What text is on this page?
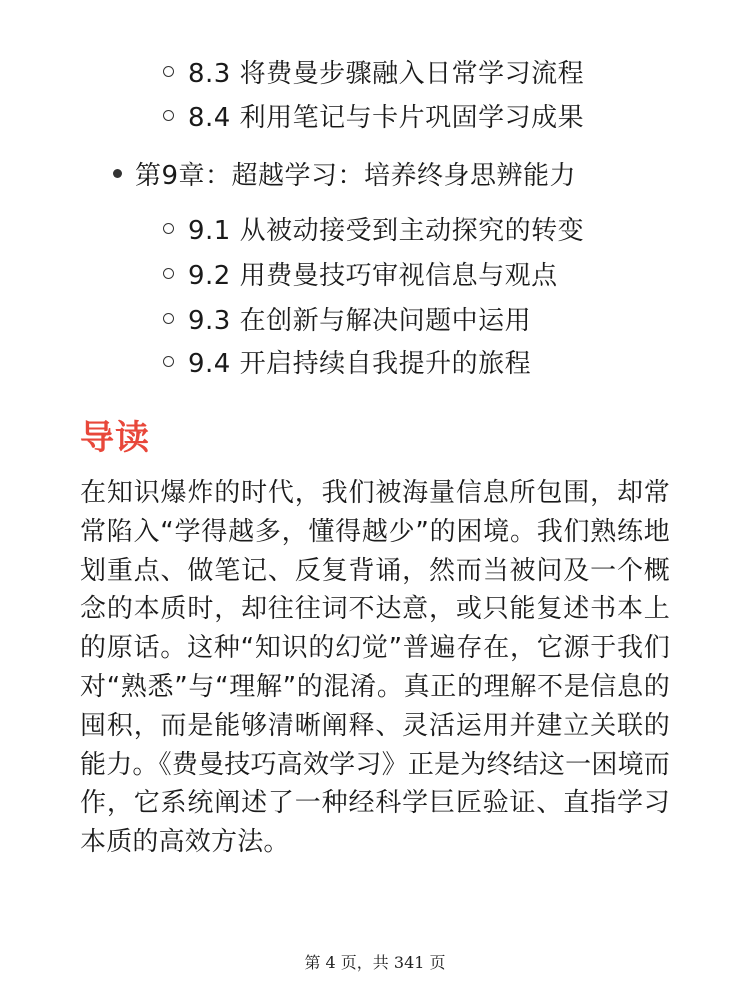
8.3 将费曼步骤融入日常学习流程
8.4 利用笔记与卡片巩固学习成果
第9章：超越学习：培养终身思辨能力
9.1 从被动接受到主动探究的转变
9.2 用费曼技巧审视信息与观点
9.3 在创新与解决问题中运用
9.4 开启持续自我提升的旅程
导读
在知识爆炸的时代，我们被海量信息所包围，却常常陷入“学得越多，懂得越少”的困境。我们熟练地划重点、做笔记、反复背诵，然而当被问及一个概念的本质时，却往往词不达意，或只能复述书本上的原话。这种“知识的幻觉”普遍存在，它源于我们对“熟悉”与“理解”的混淆。真正的理解不是信息的囤积，而是能够清晰阐释、灵活运用并建立关联的能力。《费曼技巧高效学习》正是为终结这一困境而作，它系统阐述了一种经科学巨匠验证、直指学习本质的高效方法。
第 4 页，共 341 页
